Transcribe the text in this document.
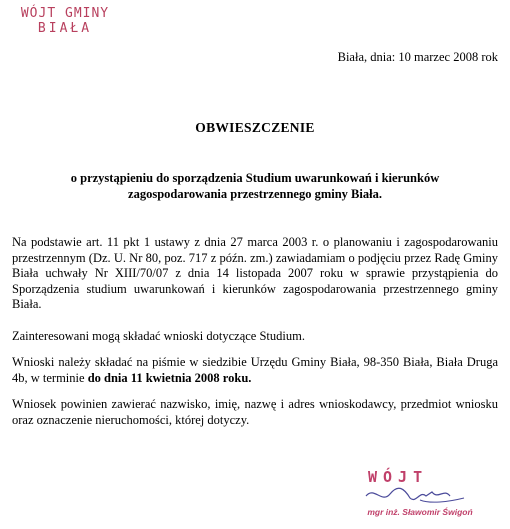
WÓJT GMINY
BIAŁA
Biała, dnia: 10 marzec 2008 rok
OBWIESZCZENIE
o przystąpieniu do sporządzenia Studium uwarunkowań i kierunków zagospodarowania przestrzennego gminy Biała.

Na podstawie art. 11 pkt 1 ustawy z dnia 27 marca 2003 r. o planowaniu i zagospodarowaniu przestrzennym (Dz. U. Nr 80, poz. 717 z późn. zm.) zawiadamiam o podjęciu przez Radę Gminy Biała uchwały Nr XIII/70/07 z dnia 14 listopada 2007 roku w sprawie przystąpienia do Sporządzenia studium uwarunkowań i kierunków zagospodarowania przestrzennego gminy Biała.

Zainteresowani mogą składać wnioski dotyczące Studium.

Wnioski należy składać na piśmie w siedzibie Urzędu Gminy Biała, 98-350 Biała, Biała Druga 4b, w terminie do dnia 11 kwietnia 2008 roku.

Wniosek powinien zawierać nazwisko, imię, nazwę i adres wnioskodawcy, przedmiot wniosku oraz oznaczenie nieruchomości, której dotyczy.

WÓJT
mgr inż. Sławomir Świgoń
